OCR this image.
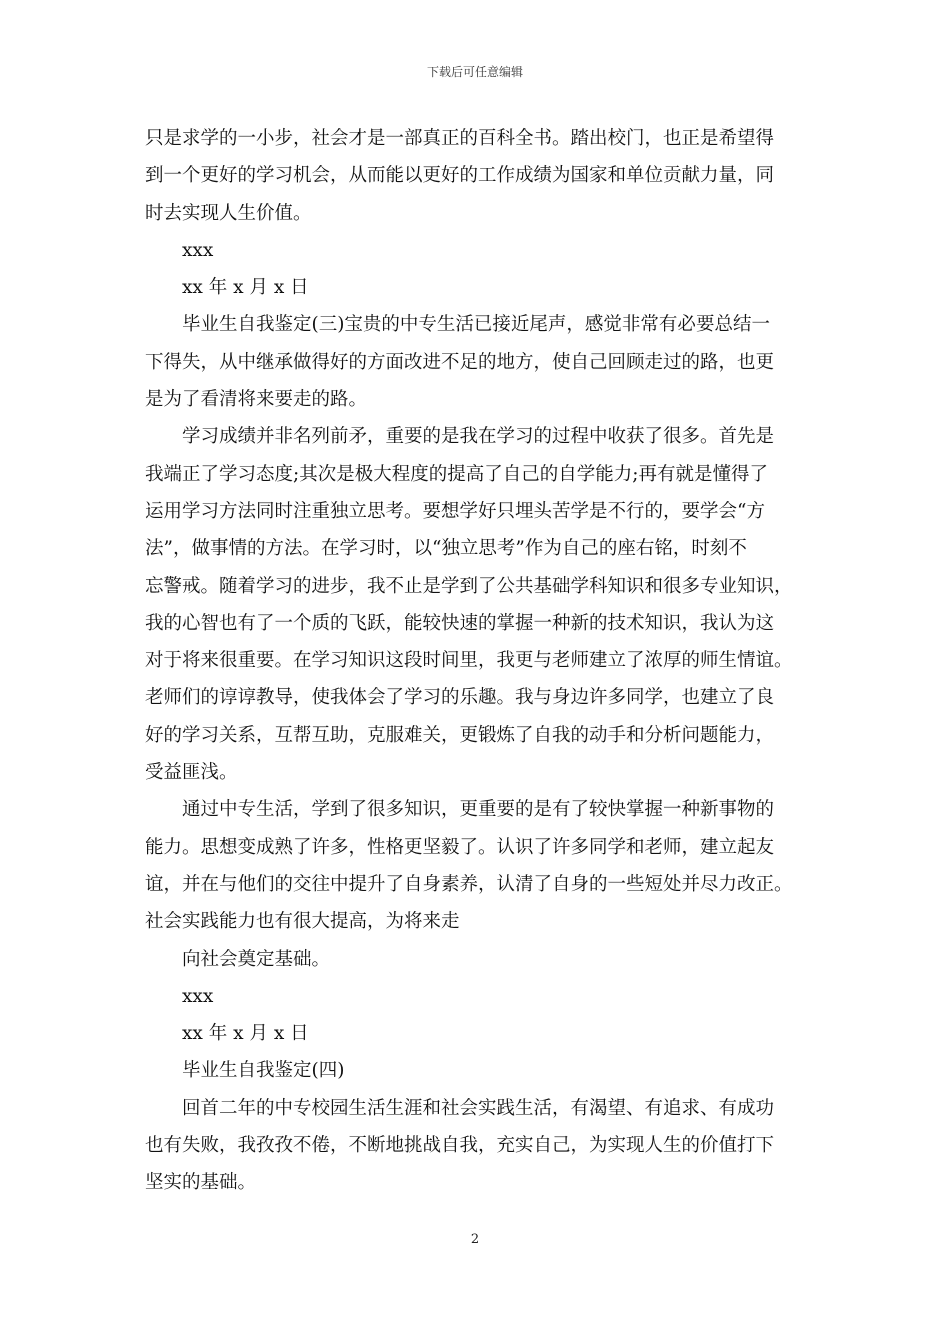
下载后可任意编辑
只是求学的一小步，社会才是一部真正的百科全书。踏出校门，也正是希望得
到一个更好的学习机会，从而能以更好的工作成绩为国家和单位贡献力量，同
时去实现人生价值。
xxx
xx 年 x 月 x 日
毕业生自我鉴定(三)宝贵的中专生活已接近尾声，感觉非常有必要总结一
下得失，从中继承做得好的方面改进不足的地方，使自己回顾走过的路，也更
是为了看清将来要走的路。
学习成绩并非名列前矛，重要的是我在学习的过程中收获了很多。首先是
我端正了学习态度;其次是极大程度的提高了自己的自学能力;再有就是懂得了
运用学习方法同时注重独立思考。要想学好只埋头苦学是不行的，要学会“方
法”，做事情的方法。在学习时，以“独立思考”作为自己的座右铭，时刻不
忘警戒。随着学习的进步，我不止是学到了公共基础学科知识和很多专业知识，
我的心智也有了一个质的飞跃，能较快速的掌握一种新的技术知识，我认为这
对于将来很重要。在学习知识这段时间里，我更与老师建立了浓厚的师生情谊。
老师们的谆谆教导，使我体会了学习的乐趣。我与身边许多同学，也建立了良
好的学习关系，互帮互助，克服难关，更锻炼了自我的动手和分析问题能力，
受益匪浅。
通过中专生活，学到了很多知识，更重要的是有了较快掌握一种新事物的
能力。思想变成熟了许多，性格更坚毅了。认识了许多同学和老师，建立起友
谊，并在与他们的交往中提升了自身素养，认清了自身的一些短处并尽力改正。
社会实践能力也有很大提高，为将来走
向社会奠定基础。
xxx
xx 年 x 月 x 日
毕业生自我鉴定(四)
回首二年的中专校园生活生涯和社会实践生活，有渴望、有追求、有成功
也有失败，我孜孜不倦，不断地挑战自我，充实自己，为实现人生的价值打下
坚实的基础。
2
